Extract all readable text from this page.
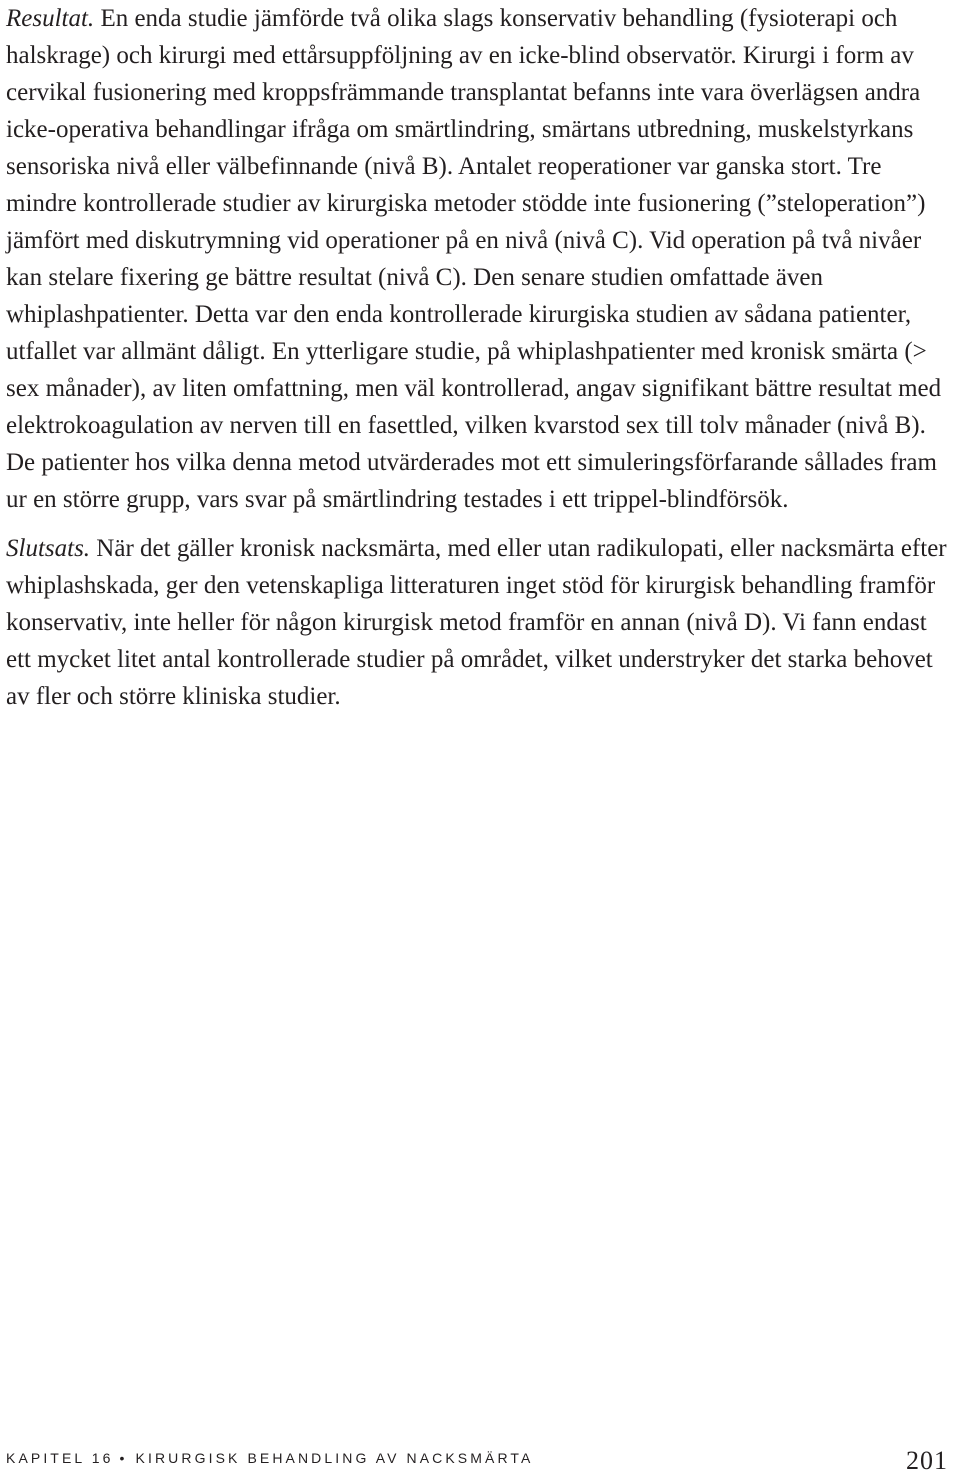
Resultat. En enda studie jämförde två olika slags konservativ behandling (fysioterapi och halskrage) och kirurgi med ettårsuppföljning av en icke-blind observatör. Kirurgi i form av cervikal fusionering med kroppsfrämmande transplantat befanns inte vara överlägsen andra icke-operativa behandlingar ifråga om smärtlindring, smärtans utbredning, muskelstyrkans sensoriska nivå eller välbefinnande (nivå B). Antalet reoperationer var ganska stort. Tre mindre kontrollerade studier av kirurgiska metoder stödde inte fusionering (”steloperation”) jämfört med diskutrymning vid operationer på en nivå (nivå C). Vid operation på två nivåer kan stelare fixering ge bättre resultat (nivå C). Den senare studien omfattade även whiplashpatienter. Detta var den enda kontrollerade kirurgiska studien av sådana patienter, utfallet var allmänt dåligt. En ytterligare studie, på whiplashpatienter med kronisk smärta (> sex månader), av liten omfattning, men väl kontrollerad, angav signifikant bättre resultat med elektrokoagulation av nerven till en fasettled, vilken kvarstod sex till tolv månader (nivå B). De patienter hos vilka denna metod utvärderades mot ett simuleringsförfarande sållades fram ur en större grupp, vars svar på smärtlindring testades i ett trippel-blindförsök.

Slutsats. När det gäller kronisk nacksmärta, med eller utan radikulopati, eller nacksmärta efter whiplashskada, ger den vetenskapliga litteraturen inget stöd för kirurgisk behandling framför konservativ, inte heller för någon kirurgisk metod framför en annan (nivå D). Vi fann endast ett mycket litet antal kontrollerade studier på området, vilket understryker det starka behovet av fler och större kliniska studier.

KAPITEL 16 • KIRURGISK BEHANDLING AV NACKSMÄRTA	201
